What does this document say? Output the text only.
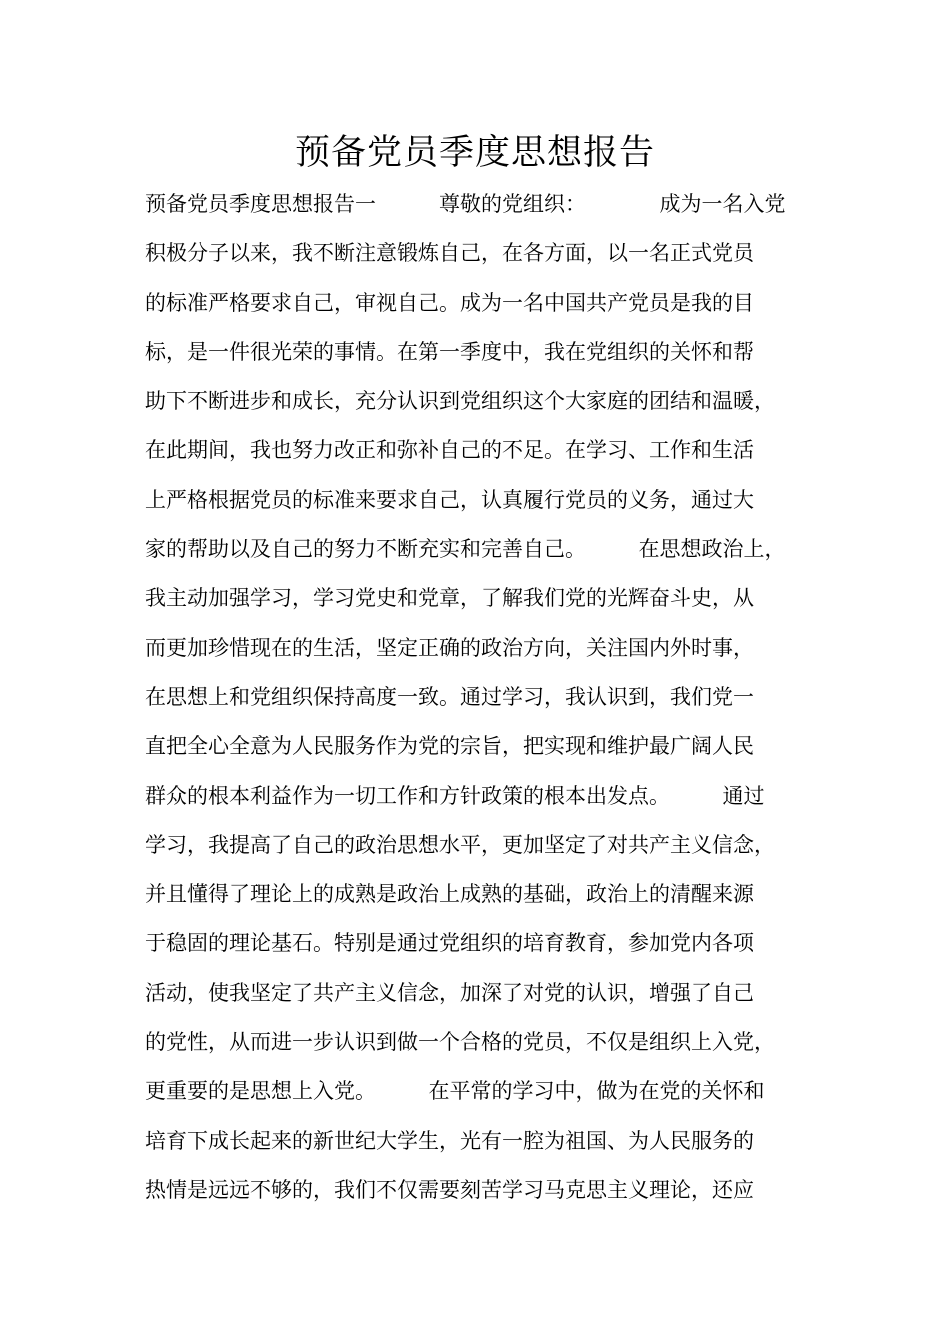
预备党员季度思想报告
预备党员季度思想报告一　　　尊敬的党组织：　　　　成为一名入党
积极分子以来，我不断注意锻炼自己，在各方面，以一名正式党员
的标准严格要求自己，审视自己。成为一名中国共产党员是我的目
标，是一件很光荣的事情。在第一季度中，我在党组织的关怀和帮
助下不断进步和成长，充分认识到党组织这个大家庭的团结和温暖，
在此期间，我也努力改正和弥补自己的不足。在学习、工作和生活
上严格根据党员的标准来要求自己，认真履行党员的义务，通过大
家的帮助以及自己的努力不断充实和完善自己。　　　在思想政治上，
我主动加强学习，学习党史和党章，了解我们党的光辉奋斗史，从
而更加珍惜现在的生活，坚定正确的政治方向，关注国内外时事，
在思想上和党组织保持高度一致。通过学习，我认识到，我们党一
直把全心全意为人民服务作为党的宗旨，把实现和维护最广阔人民
群众的根本利益作为一切工作和方针政策的根本出发点。　　　通过
学习，我提高了自己的政治思想水平，更加坚定了对共产主义信念，
并且懂得了理论上的成熟是政治上成熟的基础，政治上的清醒来源
于稳固的理论基石。特别是通过党组织的培育教育，参加党内各项
活动，使我坚定了共产主义信念，加深了对党的认识，增强了自己
的党性，从而进一步认识到做一个合格的党员，不仅是组织上入党，
更重要的是思想上入党。　　　在平常的学习中，做为在党的关怀和
培育下成长起来的新世纪大学生，光有一腔为祖国、为人民服务的
热情是远远不够的，我们不仅需要刻苦学习马克思主义理论，还应
